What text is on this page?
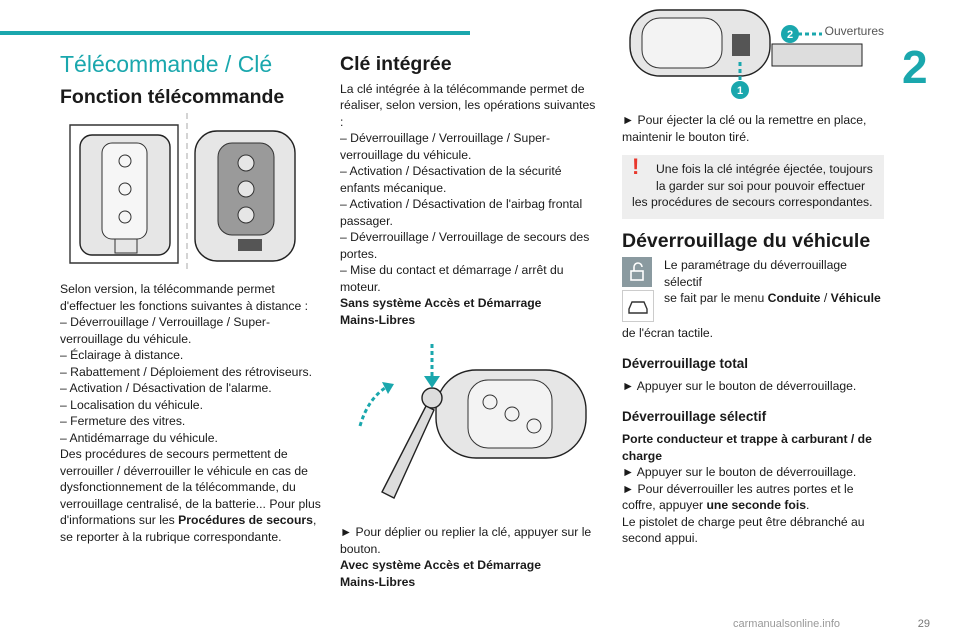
Ouvertures
2
29
carmanualsonline.info
Télécommande / Clé
Fonction télécommande

Selon version, la télécommande permet

d'effectuer les fonctions suivantes à distance :

– Déverrouillage / Verrouillage / Super-

verrouillage du véhicule.

– Éclairage à distance.

– Rabattement / Déploiement des rétroviseurs.

– Activation / Désactivation de l'alarme.

– Localisation du véhicule.

– Fermeture des vitres.

– Antidémarrage du véhicule.

Des procédures de secours permettent de

verrouiller / déverrouiller le véhicule en cas de

dysfonctionnement de la télécommande, du

verrouillage centralisé, de la batterie... Pour plus

d'informations sur les Procédures de secours,

se reporter à la rubrique correspondante.

Clé intégrée

La clé intégrée à la télécommande permet de

réaliser, selon version, les opérations suivantes :

– Déverrouillage / Verrouillage / Super-

verrouillage du véhicule.

– Activation / Désactivation de la sécurité

enfants mécanique.

– Activation / Désactivation de l'airbag frontal

passager.

– Déverrouillage / Verrouillage de secours des

portes.

– Mise du contact et démarrage / arrêt du

moteur.

Sans système Accès et Démarrage

Mains-Libres

► Pour déplier ou replier la clé, appuyer sur le

bouton.

Avec système Accès et Démarrage

Mains-Libres

2
1

► Pour éjecter la clé ou la remettre en place,

maintenir le bouton tiré.

!	Une fois la clé intégrée éjectée, toujours

la garder sur soi pour pouvoir effectuer

les procédures de secours correspondantes.

Déverrouillage du véhicule

Le paramétrage du déverrouillage sélectif

se fait par le menu Conduite / Véhicule

de l'écran tactile.

Déverrouillage total

► Appuyer sur le bouton de déverrouillage.

Déverrouillage sélectif

Porte conducteur et trappe à carburant / de

charge

► Appuyer sur le bouton de déverrouillage.

► Pour déverrouiller les autres portes et le

coffre, appuyer une seconde fois.

Le pistolet de charge peut être débranché au

second appui.
